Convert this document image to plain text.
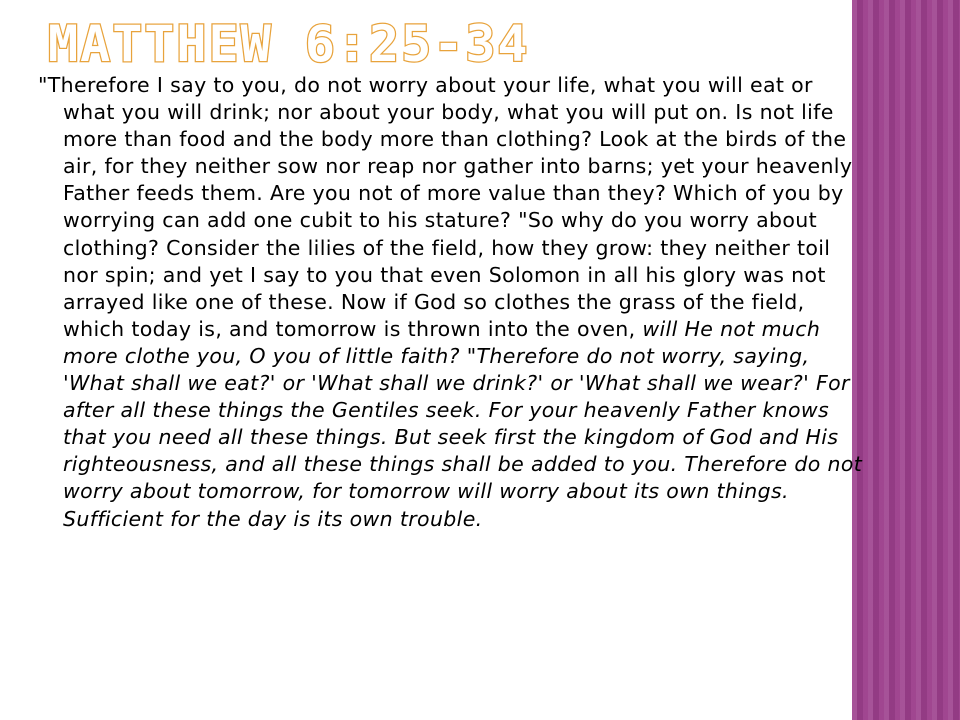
MATTHEW 6:25-34

"Therefore I say to you, do not worry about your life, what you will eat or what you will drink; nor about your body, what you will put on. Is not life more than food and the body more than clothing? Look at the birds of the air, for they neither sow nor reap nor gather into barns; yet your heavenly Father feeds them. Are you not of more value than they? Which of you by worrying can add one cubit to his stature? "So why do you worry about clothing? Consider the lilies of the field, how they grow: they neither toil nor spin; and yet I say to you that even Solomon in all his glory was not arrayed like one of these. Now if God so clothes the grass of the field, which today is, and tomorrow is thrown into the oven, will He not much more clothe you, O you of little faith? "Therefore do not worry, saying, 'What shall we eat?' or 'What shall we drink?' or 'What shall we wear?' For after all these things the Gentiles seek. For your heavenly Father knows that you need all these things. But seek first the kingdom of God and His righteousness, and all these things shall be added to you. Therefore do not worry about tomorrow, for tomorrow will worry about its own things. Sufficient for the day is its own trouble.
